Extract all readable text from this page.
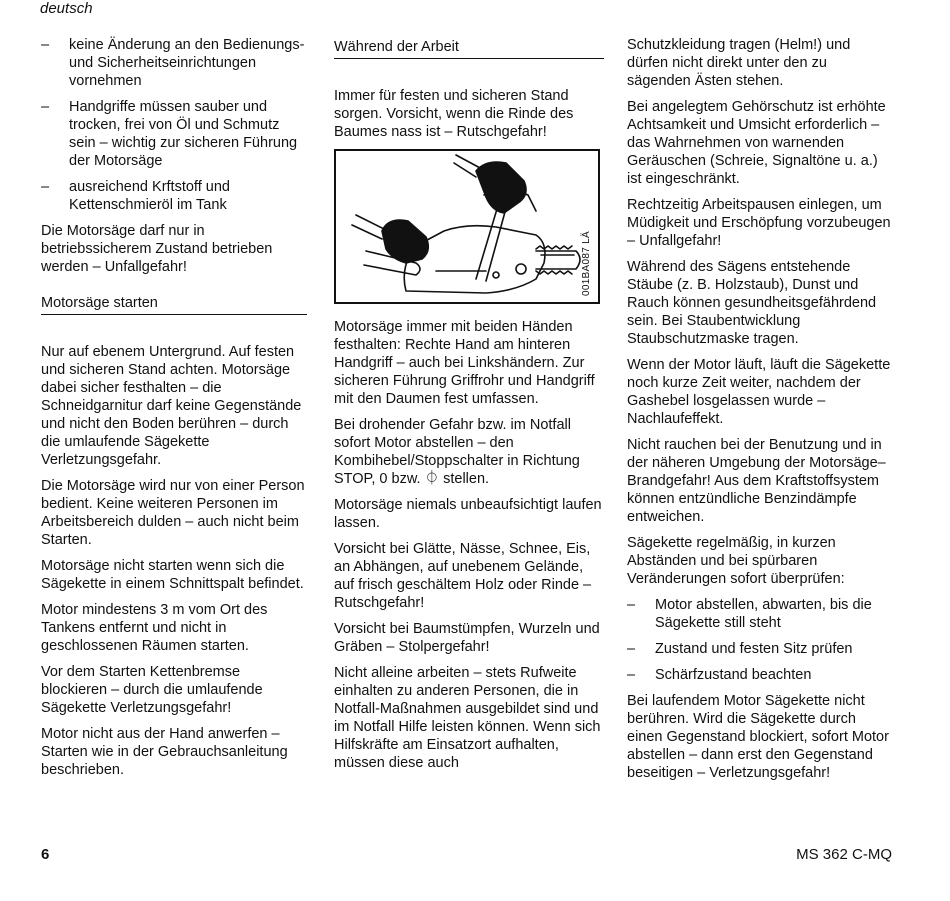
deutsch
–	keine Änderung an den Bedienungs- und Sicherheitseinrichtungen vornehmen
–	Handgriffe müssen sauber und trocken, frei von Öl und Schmutz sein – wichtig zur sicheren Führung der Motorsäge
–	ausreichend Krftstoff und Kettenschmieröl im Tank

Die Motorsäge darf nur in betriebssicherem Zustand betrieben werden – Unfallgefahr!

Motorsäge starten

Nur auf ebenem Untergrund. Auf festen und sicheren Stand achten. Motorsäge dabei sicher festhalten – die Schneidgarnitur darf keine Gegenstände und nicht den Boden berühren – durch die umlaufende Sägekette Verletzungsgefahr.

Die Motorsäge wird nur von einer Person bedient. Keine weiteren Personen im Arbeitsbereich dulden – auch nicht beim Starten.

Motorsäge nicht starten wenn sich die Sägekette in einem Schnittspalt befindet.

Motor mindestens 3 m vom Ort des Tankens entfernt und nicht in geschlossenen Räumen starten.

Vor dem Starten Kettenbremse blockieren – durch die umlaufende Sägekette Verletzungsgefahr!

Motor nicht aus der Hand anwerfen – Starten wie in der Gebrauchsanleitung beschrieben.

Während der Arbeit

Immer für festen und sicheren Stand sorgen. Vorsicht, wenn die Rinde des Baumes nass ist – Rutschgefahr!

001BA087 LÄ

Motorsäge immer mit beiden Händen festhalten: Rechte Hand am hinteren Handgriff – auch bei Linkshändern. Zur sicheren Führung Griffrohr und Handgriff mit den Daumen fest umfassen.

Bei drohender Gefahr bzw. im Notfall sofort Motor abstellen – den Kombihebel/Stoppschalter in Richtung STOP, 0 bzw. ⏀ stellen.

Motorsäge niemals unbeaufsichtigt laufen lassen.

Vorsicht bei Glätte, Nässe, Schnee, Eis, an Abhängen, auf unebenem Gelände, auf frisch geschältem Holz oder Rinde – Rutschgefahr!

Vorsicht bei Baumstümpfen, Wurzeln und Gräben – Stolpergefahr!

Nicht alleine arbeiten – stets Rufweite einhalten zu anderen Personen, die in Notfall-Maßnahmen ausgebildet sind und im Notfall Hilfe leisten können. Wenn sich Hilfskräfte am Einsatzort aufhalten, müssen diese auch

Schutzkleidung tragen (Helm!) und dürfen nicht direkt unter den zu sägenden Ästen stehen.

Bei angelegtem Gehörschutz ist erhöhte Achtsamkeit und Umsicht erforderlich – das Wahrnehmen von warnenden Geräuschen (Schreie, Signaltöne u. a.) ist eingeschränkt.

Rechtzeitig Arbeitspausen einlegen, um Müdigkeit und Erschöpfung vorzubeugen – Unfallgefahr!

Während des Sägens entstehende Stäube (z. B. Holzstaub), Dunst und Rauch können gesundheitsgefährdend sein. Bei Staubentwicklung Staubschutzmaske tragen.

Wenn der Motor läuft, läuft die Sägekette noch kurze Zeit weiter, nachdem der Gashebel losgelassen wurde – Nachlaufeffekt.

Nicht rauchen bei der Benutzung und in der näheren Umgebung der Motorsäge–Brandgefahr! Aus dem Kraftstoffsystem können entzündliche Benzindämpfe entweichen.

Sägekette regelmäßig, in kurzen Abständen und bei spürbaren Veränderungen sofort überprüfen:

–	Motor abstellen, abwarten, bis die Sägekette still steht
–	Zustand und festen Sitz prüfen
–	Schärfzustand beachten

Bei laufendem Motor Sägekette nicht berühren. Wird die Sägekette durch einen Gegenstand blockiert, sofort Motor abstellen – dann erst den Gegenstand beseitigen – Verletzungsgefahr!

6	MS 362 C-MQ
